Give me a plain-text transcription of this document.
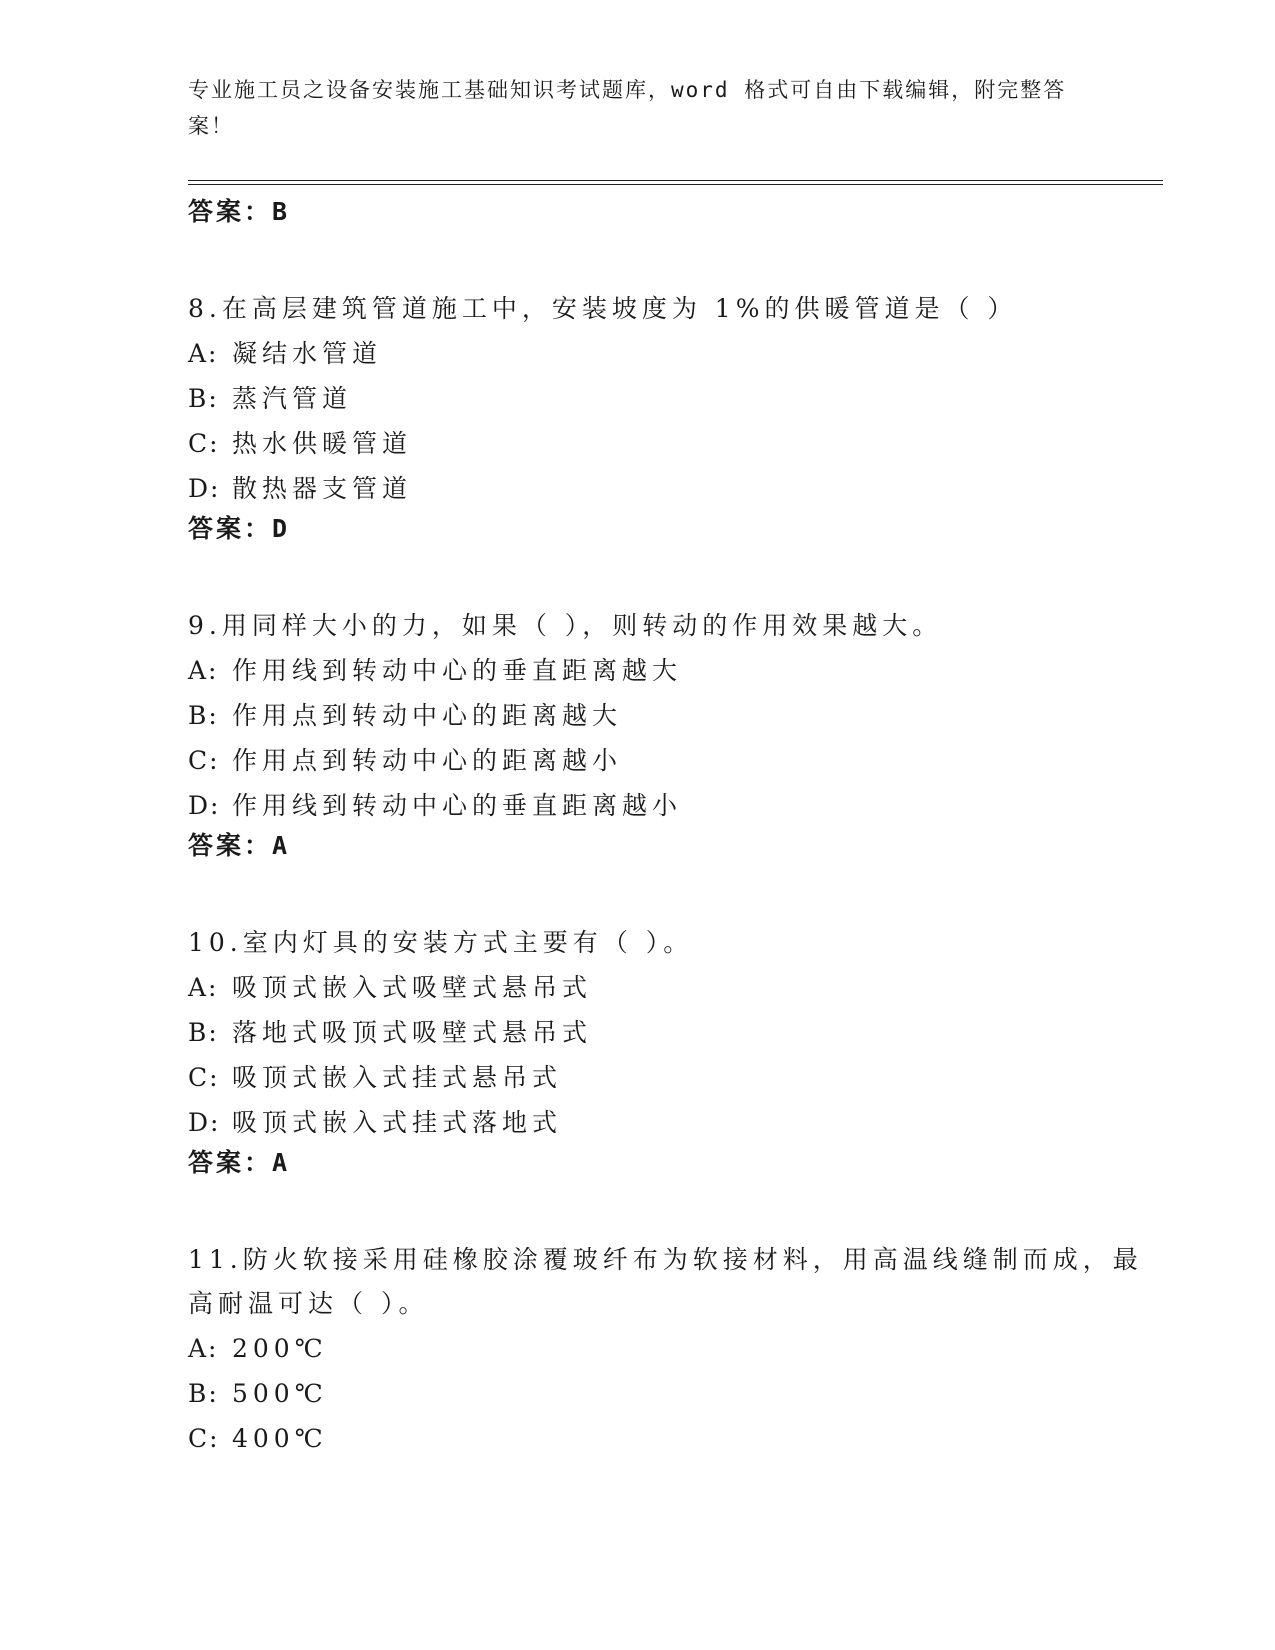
专业施工员之设备安装施工基础知识考试题库，word 格式可自由下载编辑，附完整答案！
答案：B
8.在高层建筑管道施工中，安装坡度为 1%的供暖管道是（ ）
A: 凝结水管道
B: 蒸汽管道
C: 热水供暖管道
D: 散热器支管道
答案：D
9.用同样大小的力，如果（ ），则转动的作用效果越大。
A: 作用线到转动中心的垂直距离越大
B: 作用点到转动中心的距离越大
C: 作用点到转动中心的距离越小
D: 作用线到转动中心的垂直距离越小
答案：A
10.室内灯具的安装方式主要有（ ）。
A: 吸顶式嵌入式吸壁式悬吊式
B: 落地式吸顶式吸壁式悬吊式
C: 吸顶式嵌入式挂式悬吊式
D: 吸顶式嵌入式挂式落地式
答案：A
11.防火软接采用硅橡胶涂覆玻纤布为软接材料，用高温线缝制而成，最高耐温可达（ ）。
A: 200℃
B: 500℃
C: 400℃
